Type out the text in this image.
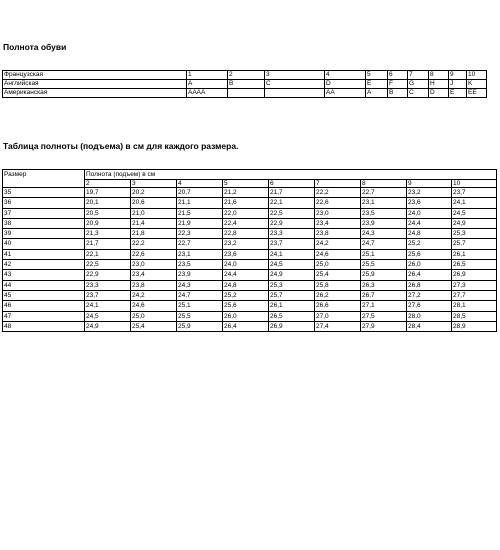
Полнота обуви
Французская	1	2	3	4	5	6	7	8	9	10
Английская	A	B	C	D	E	F	G	H	J	K
Американская	AAAA			AA	A	B	C	D	E	EE
Таблица полноты (подъема) в см для каждого размера.
Размер	Полнота (подъем) в см								
	2	3	4	5	6	7	8	9	10
35	19,7	20,2	20,7	21,2	21,7	22,2	22,7	23,2	23,7
36	20,1	20,6	21,1	21,6	22,1	22,6	23,1	23,6	24,1
37	20,5	21,0	21,5	22,0	22,5	23,0	23,5	24,0	24,5
38	20,9	21,4	21,9	22,4	22,9	23,4	23,9	24,4	24,9
39	21,3	21,8	22,3	22,8	23,3	23,8	24,3	24,8	25,3
40	21,7	22,2	22,7	23,2	23,7	24,2	24,7	25,2	25,7
41	22,1	22,6	23,1	23,6	24,1	24,6	25,1	25,6	26,1
42	22,5	23,0	23,5	24,0	24,5	25,0	25,5	26,0	26,5
43	22,9	23,4	23,9	24,4	24,9	25,4	25,9	26,4	26,9
44	23,3	23,8	24,3	24,8	25,3	25,8	26,3	26,8	27,3
45	23,7	24,2	24,7	25,2	25,7	26,2	26,7	27,2	27,7
46	24,1	24,6	25,1	25,6	26,1	26,6	27,1	27,6	28,1
47	24,5	25,0	25,5	26,0	26,5	27,0	27,5	28,0	28,5
48	24,9	25,4	25,9	26,4	26,9	27,4	27,9	28,4	28,9
